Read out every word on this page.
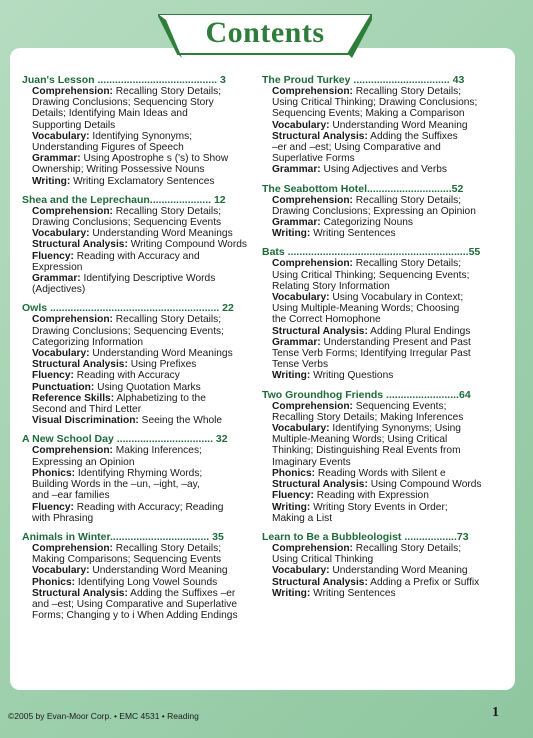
Contents
Juan's Lesson ......................................... 3

Comprehension: Recalling Story Details;

Drawing Conclusions; Sequencing Story

Details; Identifying Main Ideas and

Supporting Details

Vocabulary: Identifying Synonyms;

Understanding Figures of Speech

Grammar: Using Apostrophe s ('s) to Show

Ownership; Writing Possessive Nouns

Writing: Writing Exclamatory Sentences

Shea and the Leprechaun..................... 12

Comprehension: Recalling Story Details;

Drawing Conclusions; Sequencing Events

Vocabulary: Understanding Word Meanings

Structural Analysis: Writing Compound Words

Fluency: Reading with Accuracy and

Expression

Grammar: Identifying Descriptive Words

(Adjectives)

Owls .......................................................... 22

Comprehension: Recalling Story Details;

Drawing Conclusions; Sequencing Events;

Categorizing Information

Vocabulary: Understanding Word Meanings

Structural Analysis: Using Prefixes

Fluency: Reading with Accuracy

Punctuation: Using Quotation Marks

Reference Skills: Alphabetizing to the

Second and Third Letter

Visual Discrimination: Seeing the Whole

A New School Day ................................. 32

Comprehension: Making Inferences;

Expressing an Opinion

Phonics: Identifying Rhyming Words;

Building Words in the –un, –ight, –ay,

and –ear families

Fluency: Reading with Accuracy; Reading

with Phrasing

Animals in Winter.................................. 35

Comprehension: Recalling Story Details;

Making Comparisons; Sequencing Events

Vocabulary: Understanding Word Meaning

Phonics: Identifying Long Vowel Sounds

Structural Analysis: Adding the Suffixes –er

and –est; Using Comparative and Superlative

Forms; Changing y to i When Adding Endings

The Proud Turkey ................................. 43

Comprehension: Recalling Story Details;

Using Critical Thinking; Drawing Conclusions;

Sequencing Events; Making a Comparison

Vocabulary: Understanding Word Meaning

Structural Analysis: Adding the Suffixes

–er and –est; Using Comparative and

Superlative Forms

Grammar: Using Adjectives and Verbs

The Seabottom Hotel.............................52

Comprehension: Recalling Story Details;

Drawing Conclusions; Expressing an Opinion

Grammar: Categorizing Nouns

Writing: Writing Sentences

Bats ..............................................................55

Comprehension: Recalling Story Details;

Using Critical Thinking; Sequencing Events;

Relating Story Information

Vocabulary: Using Vocabulary in Context;

Using Multiple-Meaning Words; Choosing

the Correct Homophone

Structural Analysis: Adding Plural Endings

Grammar: Understanding Present and Past

Tense Verb Forms; Identifying Irregular Past

Tense Verbs

Writing: Writing Questions

Two Groundhog Friends .........................64

Comprehension: Sequencing Events;

Recalling Story Details; Making Inferences

Vocabulary: Identifying Synonyms; Using

Multiple-Meaning Words; Using Critical

Thinking; Distinguishing Real Events from

Imaginary Events

Phonics: Reading Words with Silent e

Structural Analysis: Using Compound Words

Fluency: Reading with Expression

Writing: Writing Story Events in Order;

Making a List

Learn to Be a Bubbleologist ..................73

Comprehension: Recalling Story Details;

Using Critical Thinking

Vocabulary: Understanding Word Meaning

Structural Analysis: Adding a Prefix or Suffix

Writing: Writing Sentences

©2005 by Evan-Moor Corp. • EMC 4531 • Reading	1
